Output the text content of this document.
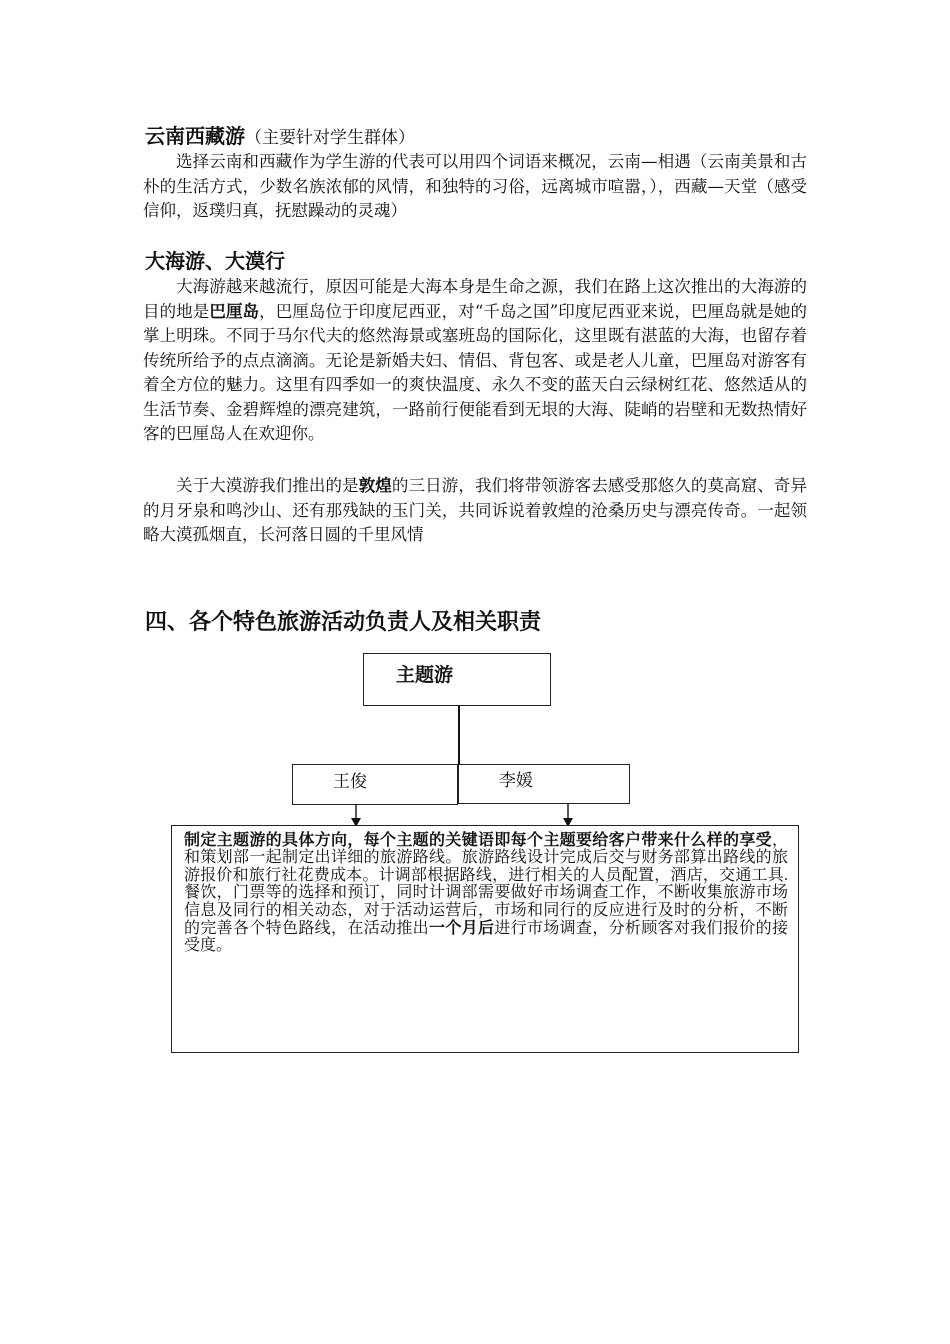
云南西藏游（主要针对学生群体）
选择云南和西藏作为学生游的代表可以用四个词语来概况，云南—相遇（云南美景和古朴的生活方式，少数名族浓郁的风情，和独特的习俗，远离城市喧嚣，），西藏—天堂（感受信仰，返璞归真，抚慰躁动的灵魂）
大海游、大漠行
大海游越来越流行，原因可能是大海本身是生命之源，我们在路上这次推出的大海游的目的地是巴厘岛，巴厘岛位于印度尼西亚，对“千岛之国”印度尼西亚来说，巴厘岛就是她的掌上明珠。不同于马尔代夫的悠然海景或塞班岛的国际化，这里既有湛蓝的大海，也留存着传统所给予的点点滴滴。无论是新婚夫妇、情侣、背包客、或是老人儿童，巴厘岛对游客有着全方位的魅力。这里有四季如一的爽快温度、永久不变的蓝天白云绿树红花、悠然适从的生活节奏、金碧辉煌的漂亮建筑，一路前行便能看到无垠的大海、陡峭的岩壁和无数热情好客的巴厘岛人在欢迎你。
关于大漠游我们推出的是敦煌的三日游，我们将带领游客去感受那悠久的莫高窟、奇异的月牙泉和鸣沙山、还有那残缺的玉门关，共同诉说着敦煌的沧桑历史与漂亮传奇。一起领略大漠孤烟直，长河落日圆的千里风情
四、各个特色旅游活动负责人及相关职责
主题游
王俊	李媛
制定主题游的具体方向，每个主题的关键语即每个主题要给客户带来什么样的享受，和策划部一起制定出详细的旅游路线。旅游路线设计完成后交与财务部算出路线的旅游报价和旅行社花费成本。计调部根据路线，进行相关的人员配置，酒店，交通工具.餐饮，门票等的选择和预订，同时计调部需要做好市场调查工作，不断收集旅游市场信息及同行的相关动态，对于活动运营后，市场和同行的反应进行及时的分析，不断的完善各个特色路线，在活动推出一个月后进行市场调查，分析顾客对我们报价的接受度。
